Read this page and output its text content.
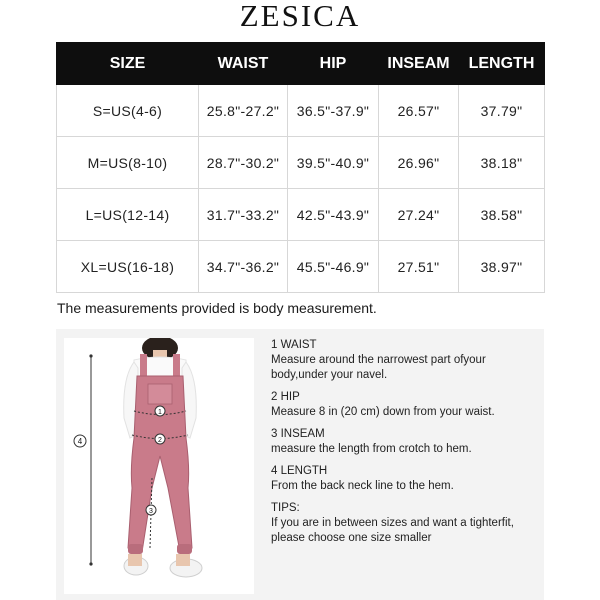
ZESICA
SIZE	WAIST	HIP	INSEAM	LENGTH
S=US(4-6)	25.8"-27.2"	36.5"-37.9"	26.57"	37.79"
M=US(8-10)	28.7"-30.2"	39.5"-40.9"	26.96"	38.18"
L=US(12-14)	31.7"-33.2"	42.5"-43.9"	27.24"	38.58"
XL=US(16-18)	34.7"-36.2"	45.5"-46.9"	27.51"	38.97"
The measurements provided is body measurement.
1
2
3
4
1 WAIST
Measure around the narrowest part ofyour body,under your navel.
2 HIP
Measure 8 in (20 cm) down from your waist.
3 INSEAM
measure the length from crotch to hem.
4 LENGTH
From the back neck line to the hem.
TIPS:
If you are in between sizes and want a tighterfit, please choose one size smaller
